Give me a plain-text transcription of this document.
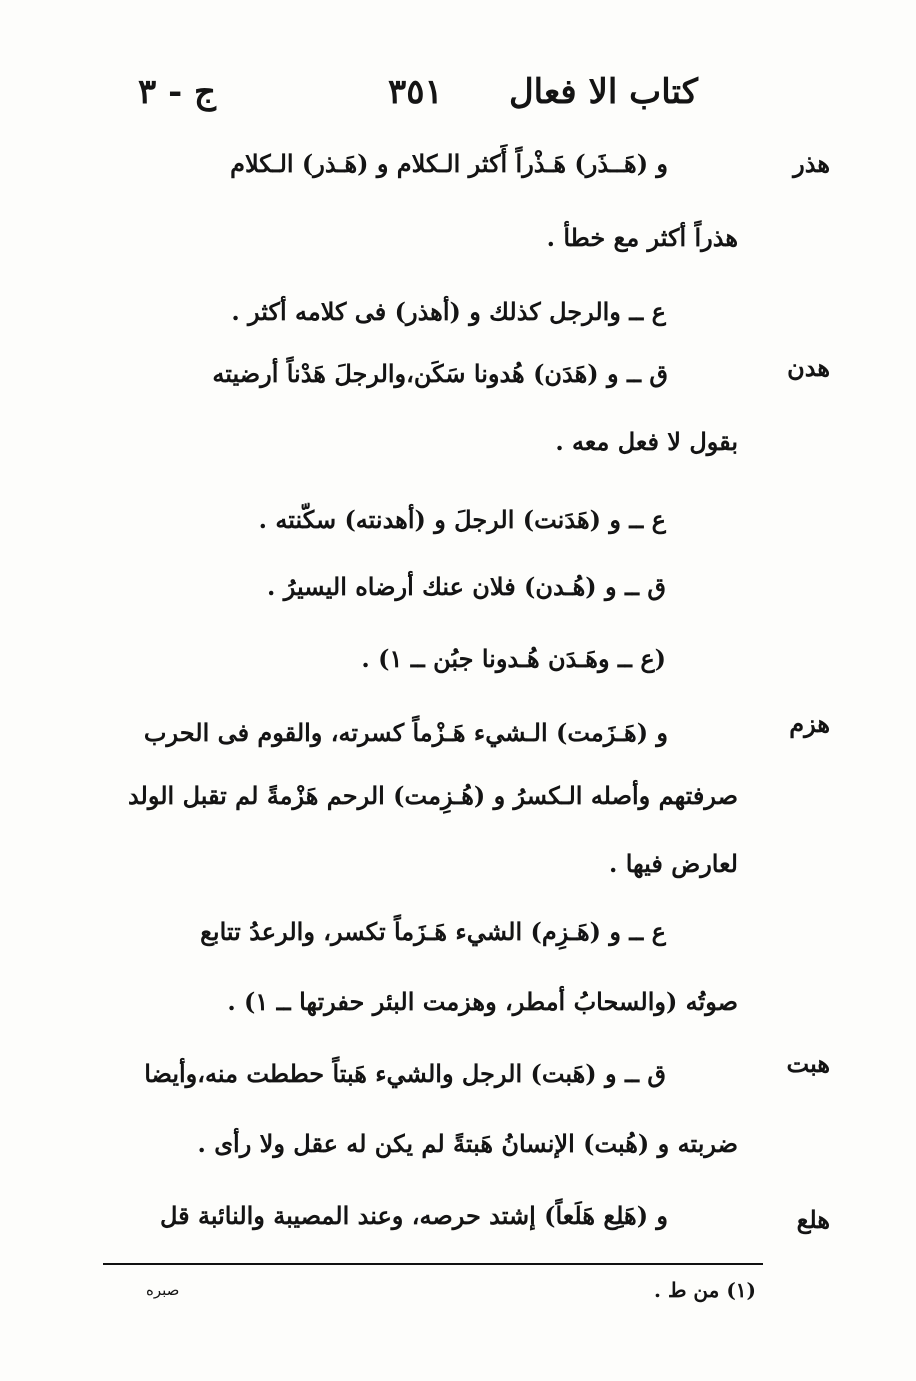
كتاب الا فعال
٣٥١
ج - ٣
هذر
و (هَــذَر) هَـذْراً أَكثر الـكلام و (هَـذر) الـكلام
هذراً أكثر مع خطأ .
ع ــ والرجل كذلك و (أهذر) فى كلامه أكثر .
هدن
ق ــ و (هَدَن) هُدونا سَكَن،والرجلَ هَدْناً أرضيته
بقول لا فعل معه .
ع ــ و (هَدَنت) الرجلَ و (أهدنته) سكّنته .
ق ــ و (هُـدن) فلان عنك أرضاه اليسيرُ .
(ع ــ وهَـدَن هُـدونا جبُن ــ ١) .
هزم
و (هَـزَمت) الـشيء هَـزْماً كسرته، والقوم فى الحرب
صرفتهم وأصله الـكسرُ و (هُـزِمت) الرحم هَزْمةً لم تقبل الولد
لعارض فيها .
ع ــ و (هَـزِم) الشيء هَـزَماً تكسر، والرعدُ تتابع
صوتُه (والسحابُ أمطر، وهزمت البئر حفرتها ــ ١) .
هبت
ق ــ و (هَبت) الرجل والشيء هَبتاً حططت منه،وأيضا
ضربته و (هُبت) الإنسانُ هَبتةً لم يكن له عقل ولا رأى .
هلع
و (هَلِع هَلَعاً) إشتد حرصه، وعند المصيبة والنائبة قل
(١) من ط .
صبره
